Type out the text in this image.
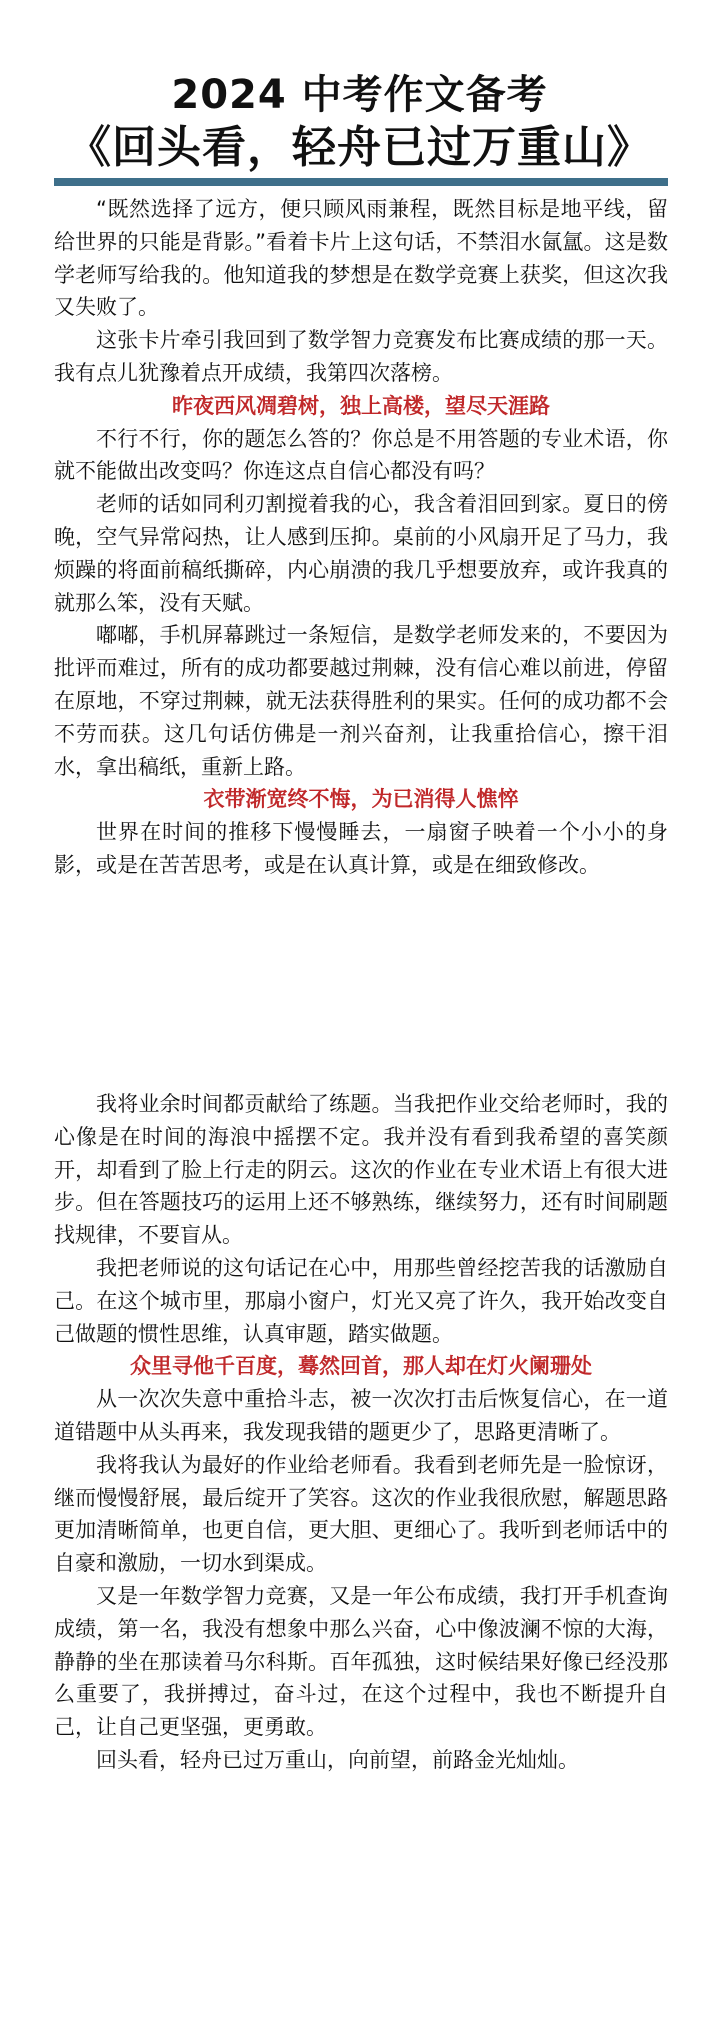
2024 中考作文备考
《回头看，轻舟已过万重山》

“既然选择了远方，便只顾风雨兼程，既然目标是地平线，留给世界的只能是背影。”看着卡片上这句话，不禁泪水氤氲。这是数学老师写给我的。他知道我的梦想是在数学竞赛上获奖，但这次我又失败了。

这张卡片牵引我回到了数学智力竞赛发布比赛成绩的那一天。我有点儿犹豫着点开成绩，我第四次落榜。

昨夜西风凋碧树，独上高楼，望尽天涯路

不行不行，你的题怎么答的？你总是不用答题的专业术语，你就不能做出改变吗？你连这点自信心都没有吗？

老师的话如同利刃割搅着我的心，我含着泪回到家。夏日的傍晚，空气异常闷热，让人感到压抑。桌前的小风扇开足了马力，我烦躁的将面前稿纸撕碎，内心崩溃的我几乎想要放弃，或许我真的就那么笨，没有天赋。

嘟嘟，手机屏幕跳过一条短信，是数学老师发来的，不要因为批评而难过，所有的成功都要越过荆棘，没有信心难以前进，停留在原地，不穿过荆棘，就无法获得胜利的果实。任何的成功都不会不劳而获。这几句话仿佛是一剂兴奋剂，让我重拾信心，擦干泪水，拿出稿纸，重新上路。

衣带渐宽终不悔，为已消得人憔悴

世界在时间的推移下慢慢睡去，一扇窗子映着一个小小的身影，或是在苦苦思考，或是在认真计算，或是在细致修改。

我将业余时间都贡献给了练题。当我把作业交给老师时，我的心像是在时间的海浪中摇摆不定。我并没有看到我希望的喜笑颜开，却看到了脸上行走的阴云。这次的作业在专业术语上有很大进步。但在答题技巧的运用上还不够熟练，继续努力，还有时间刷题找规律，不要盲从。

我把老师说的这句话记在心中，用那些曾经挖苦我的话激励自己。在这个城市里，那扇小窗户，灯光又亮了许久，我开始改变自己做题的惯性思维，认真审题，踏实做题。

众里寻他千百度，蓦然回首，那人却在灯火阑珊处

从一次次失意中重拾斗志，被一次次打击后恢复信心，在一道道错题中从头再来，我发现我错的题更少了，思路更清晰了。

我将我认为最好的作业给老师看。我看到老师先是一脸惊讶，继而慢慢舒展，最后绽开了笑容。这次的作业我很欣慰，解题思路更加清晰简单，也更自信，更大胆、更细心了。我听到老师话中的自豪和激励，一切水到渠成。

又是一年数学智力竞赛，又是一年公布成绩，我打开手机查询成绩，第一名，我没有想象中那么兴奋，心中像波澜不惊的大海，静静的坐在那读着马尔科斯。百年孤独，这时候结果好像已经没那么重要了，我拼搏过，奋斗过，在这个过程中，我也不断提升自己，让自己更坚强，更勇敢。

回头看，轻舟已过万重山，向前望，前路金光灿灿。
